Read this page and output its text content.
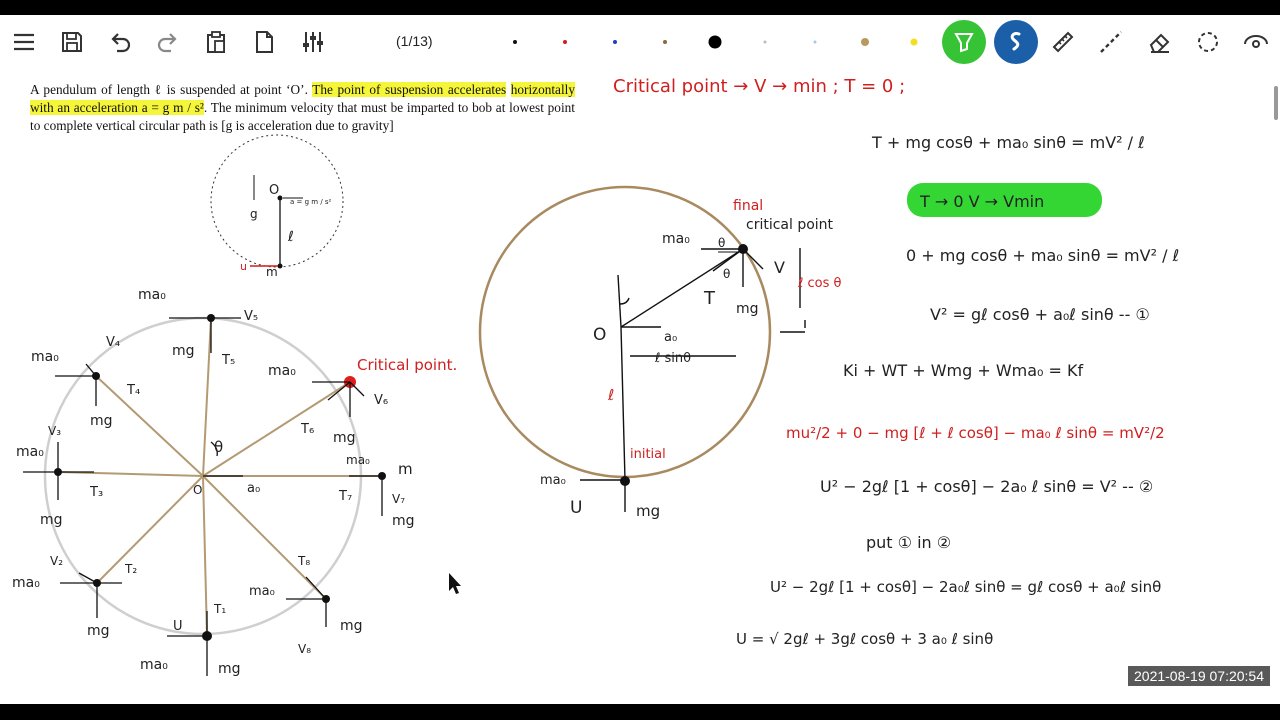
(1/13)
A pendulum of length ℓ is suspended at point ‘O’. The point of suspension accelerates horizontally with an acceleration a = g m / s². The minimum velocity that must be imparted to bob at lowest point to complete vertical circular path is [g is acceleration due to gravity]
O
g
a = g m / s²
ℓ
m
u
Critical point.
ma₀
V₅
mg
T₅
ma₀
V₄
T₄
mg
ma₀
V₆
T₆
mg
ma₀
V₃
T₃
mg
θ
O	a₀
ma₀ m
T₇	V₇
mg
ma₀
V₂
T₂
mg
T₈
ma₀
mg
V₈
T₁
U
ma₀	mg
final
critical point
ma₀ θ
θ	V
T mg
O	a₀
ℓ sinθ
ℓ cos θ
ℓ
initial
ma₀
U	mg
Critical point → V → min ; T = 0 ;
T + mg cosθ + ma₀ sinθ = mV² / ℓ
T → 0 V → Vmin
0 + mg cosθ + ma₀ sinθ = mV² / ℓ
V² = gℓ cosθ + a₀ℓ sinθ -- ①
Ki + WT + Wmg + Wma₀ = Kf
mu²/2 + 0 − mg [ℓ + ℓ cosθ] − ma₀ ℓ sinθ = mV²/2
U² − 2gℓ [1 + cosθ] − 2a₀ ℓ sinθ = V² -- ②
put ① in ②
U² − 2gℓ [1 + cosθ] − 2a₀ℓ sinθ = gℓ cosθ + a₀ℓ sinθ
U = √ 2gℓ + 3gℓ cosθ + 3 a₀ ℓ sinθ
2021-08-19 07:20:54
